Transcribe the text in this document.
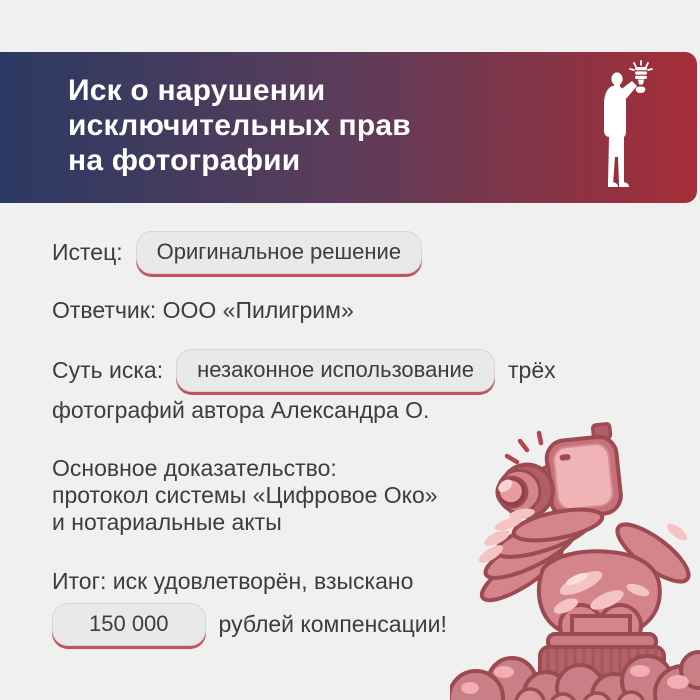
Иск о нарушении
исключительных прав
на фотографии
Истец:	Оригинальное решение
Ответчик: ООО «Пилигрим»
Суть иска:	незаконное использование	трёх
фотографий автора Александра О.
Основное доказательство:
протокол системы «Цифровое Око»
и нотариальные акты
Итог: иск удовлетворён, взыскано
150 000	рублей компенсации!
